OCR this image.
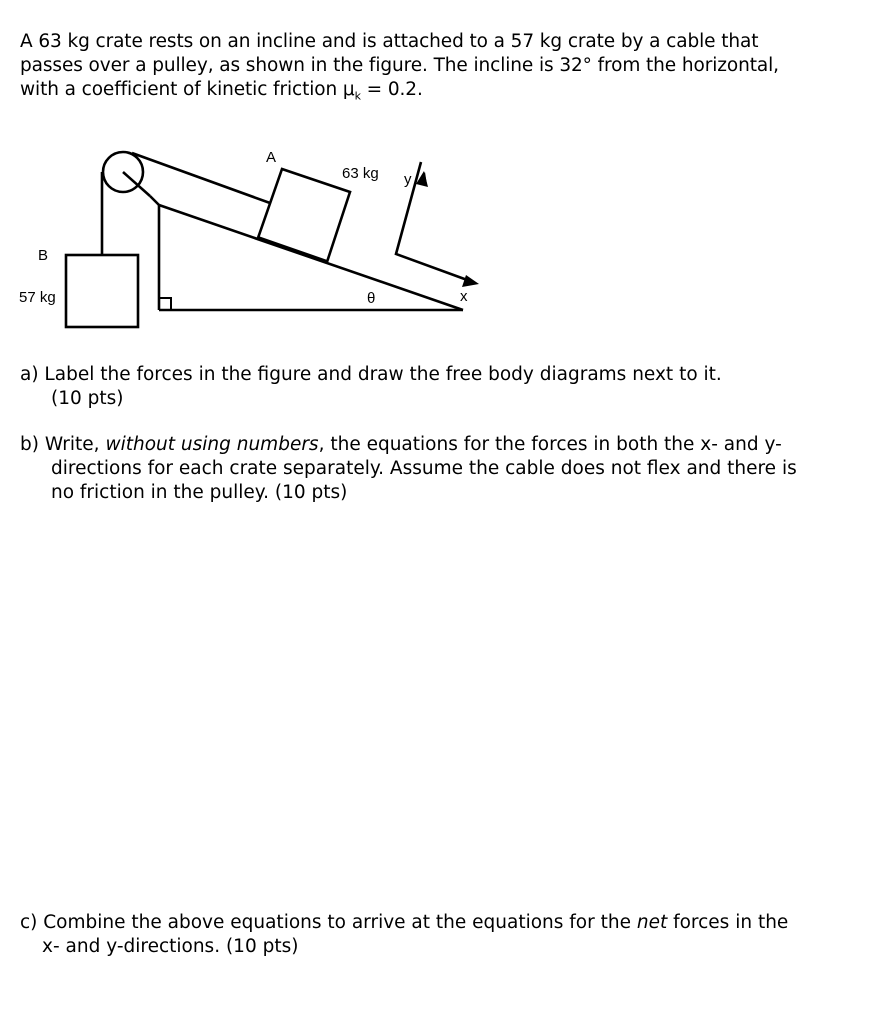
A 63 kg crate rests on an incline and is attached to a 57 kg crate by a cable that
passes over a pulley, as shown in the figure. The incline is 32° from the horizontal,
with a coefficient of kinetic friction $\mu_k = 0.2$.
A
63 kg
B
57 kg	θ	x
y
a) Label the forces in the figure and draw the free body diagrams next to it.
(10 pts)
b) Write, without using numbers, the equations for the forces in both the x- and y-
directions for each crate separately. Assume the cable does not flex and there is
no friction in the pulley. (10 pts)
c) Combine the above equations to arrive at the equations for the net forces in the
x- and y-directions. (10 pts)
